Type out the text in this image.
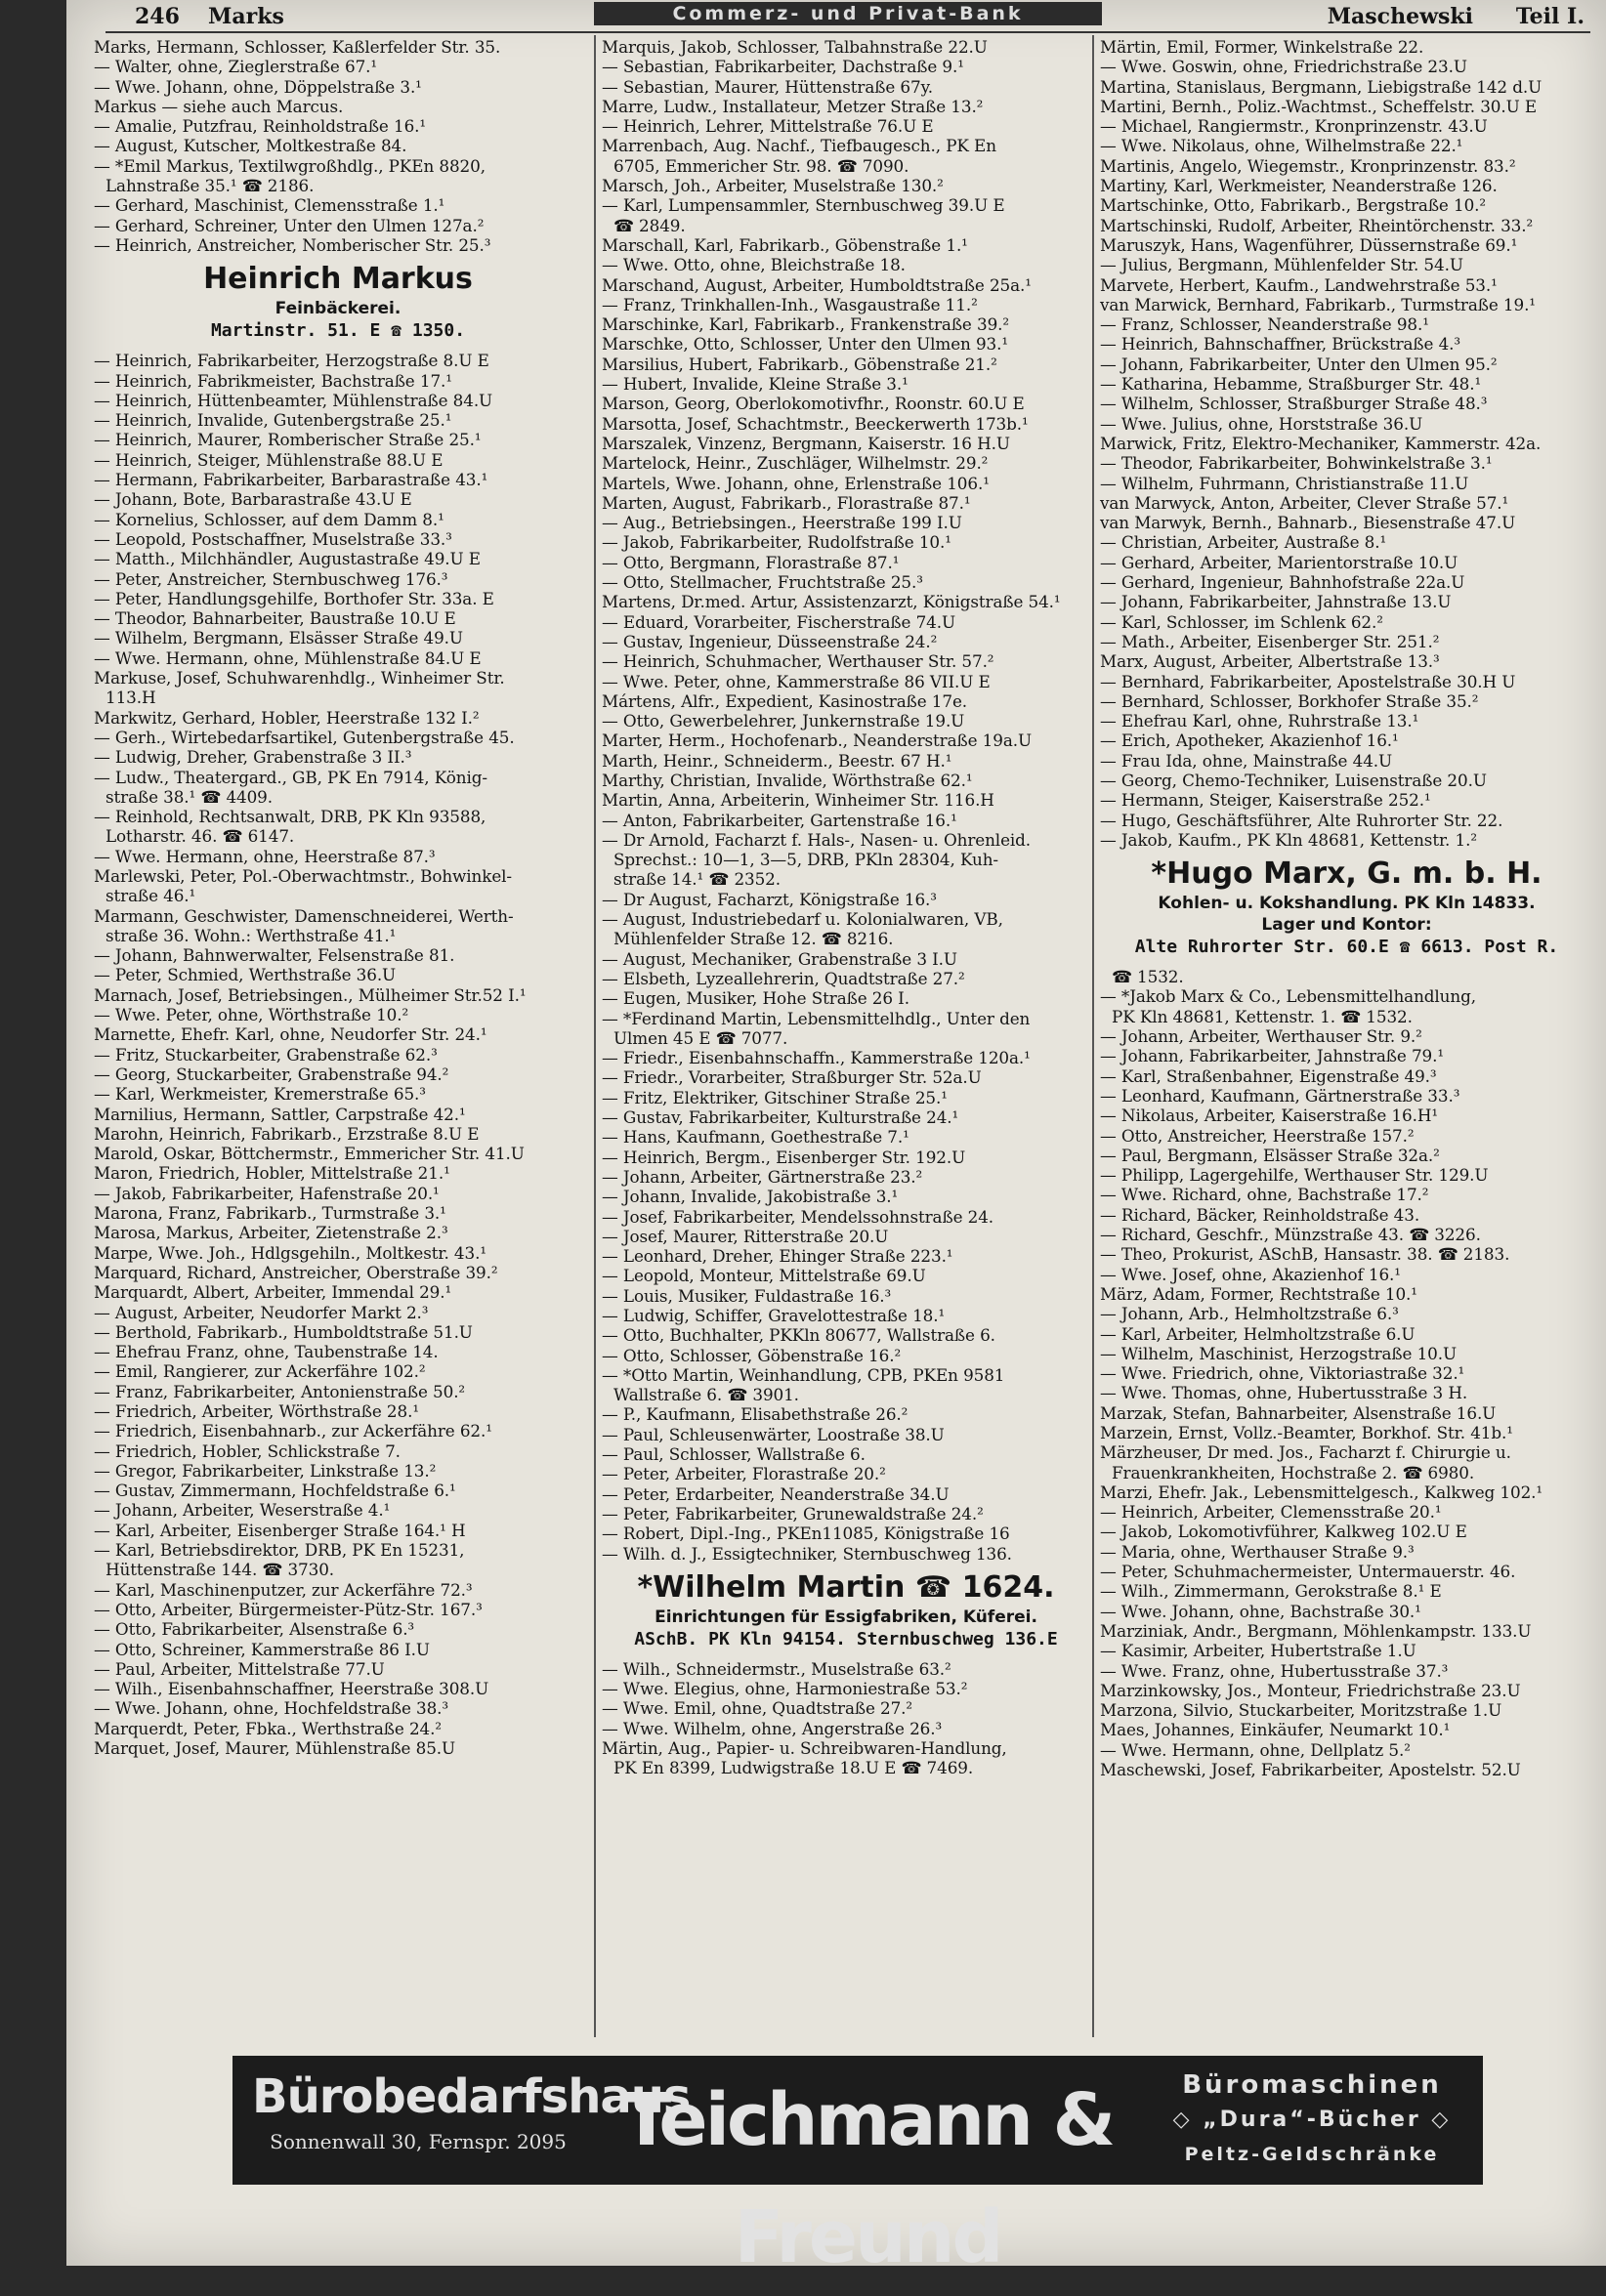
246 Marks	Commerz- und Privat-Bank	Maschewski Teil I.
Marks, Hermann, Schlosser, Kaßlerfelder Str. 35.
— Walter, ohne, Zieglerstraße 67.¹
— Wwe. Johann, ohne, Döppelstraße 3.¹
Markus — siehe auch Marcus.
— Amalie, Putzfrau, Reinholdstraße 16.¹
— August, Kutscher, Moltkestraße 84.
— *Emil Markus, Textilwgroßhdlg., PKEn 8820,
Lahnstraße 35.¹ ☎ 2186.
— Gerhard, Maschinist, Clemensstraße 1.¹
— Gerhard, Schreiner, Unter den Ulmen 127a.²
— Heinrich, Anstreicher, Nomberischer Str. 25.³
Heinrich Markus
Feinbäckerei.
Martinstr. 51. E ☎ 1350.
— Heinrich, Fabrikarbeiter, Herzogstraße 8.U E
— Heinrich, Fabrikmeister, Bachstraße 17.¹
— Heinrich, Hüttenbeamter, Mühlenstraße 84.U
— Heinrich, Invalide, Gutenbergstraße 25.¹
— Heinrich, Maurer, Romberischer Straße 25.¹
— Heinrich, Steiger, Mühlenstraße 88.U E
— Hermann, Fabrikarbeiter, Barbarastraße 43.¹
— Johann, Bote, Barbarastraße 43.U E
— Kornelius, Schlosser, auf dem Damm 8.¹
— Leopold, Postschaffner, Muselstraße 33.³
— Matth., Milchhändler, Augustastraße 49.U E
— Peter, Anstreicher, Sternbuschweg 176.³
— Peter, Handlungsgehilfe, Borthofer Str. 33a. E
— Theodor, Bahnarbeiter, Baustraße 10.U E
— Wilhelm, Bergmann, Elsässer Straße 49.U
— Wwe. Hermann, ohne, Mühlenstraße 84.U E
Markuse, Josef, Schuhwarenhdlg., Winheimer Str.
113.H
Markwitz, Gerhard, Hobler, Heerstraße 132 I.²
— Gerh., Wirtebedarfsartikel, Gutenbergstraße 45.
— Ludwig, Dreher, Grabenstraße 3 II.³
— Ludw., Theatergard., GB, PK En 7914, König-
straße 38.¹ ☎ 4409.
— Reinhold, Rechtsanwalt, DRB, PK Kln 93588,
Lotharstr. 46. ☎ 6147.
— Wwe. Hermann, ohne, Heerstraße 87.³
Marlewski, Peter, Pol.-Oberwachtmstr., Bohwinkel-
straße 46.¹
Marmann, Geschwister, Damenschneiderei, Werth-
straße 36. Wohn.: Werthstraße 41.¹
— Johann, Bahnwerwalter, Felsenstraße 81.
— Peter, Schmied, Werthstraße 36.U
Marnach, Josef, Betriebsingen., Mülheimer Str.52 I.¹
— Wwe. Peter, ohne, Wörthstraße 10.²
Marnette, Ehefr. Karl, ohne, Neudorfer Str. 24.¹
— Fritz, Stuckarbeiter, Grabenstraße 62.³
— Georg, Stuckarbeiter, Grabenstraße 94.²
— Karl, Werkmeister, Kremerstraße 65.³
Marnilius, Hermann, Sattler, Carpstraße 42.¹
Marohn, Heinrich, Fabrikarb., Erzstraße 8.U E
Marold, Oskar, Böttchermstr., Emmericher Str. 41.U
Maron, Friedrich, Hobler, Mittelstraße 21.¹
— Jakob, Fabrikarbeiter, Hafenstraße 20.¹
Marona, Franz, Fabrikarb., Turmstraße 3.¹
Marosa, Markus, Arbeiter, Zietenstraße 2.³
Marpe, Wwe. Joh., Hdlgsgehiln., Moltkestr. 43.¹
Marquard, Richard, Anstreicher, Oberstraße 39.²
Marquardt, Albert, Arbeiter, Immendal 29.¹
— August, Arbeiter, Neudorfer Markt 2.³
— Berthold, Fabrikarb., Humboldtstraße 51.U
— Ehefrau Franz, ohne, Taubenstraße 14.
— Emil, Rangierer, zur Ackerfähre 102.²
— Franz, Fabrikarbeiter, Antonienstraße 50.²
— Friedrich, Arbeiter, Wörthstraße 28.¹
— Friedrich, Eisenbahnarb., zur Ackerfähre 62.¹
— Friedrich, Hobler, Schlickstraße 7.
— Gregor, Fabrikarbeiter, Linkstraße 13.²
— Gustav, Zimmermann, Hochfeldstraße 6.¹
— Johann, Arbeiter, Weserstraße 4.¹
— Karl, Arbeiter, Eisenberger Straße 164.¹ H
— Karl, Betriebsdirektor, DRB, PK En 15231,
Hüttenstraße 144. ☎ 3730.
— Karl, Maschinenputzer, zur Ackerfähre 72.³
— Otto, Arbeiter, Bürgermeister-Pütz-Str. 167.³
— Otto, Fabrikarbeiter, Alsenstraße 6.³
— Otto, Schreiner, Kammerstraße 86 I.U
— Paul, Arbeiter, Mittelstraße 77.U
— Wilh., Eisenbahnschaffner, Heerstraße 308.U
— Wwe. Johann, ohne, Hochfeldstraße 38.³
Marquerdt, Peter, Fbka., Werthstraße 24.²
Marquet, Josef, Maurer, Mühlenstraße 85.U
Marquis, Jakob, Schlosser, Talbahnstraße 22.U
— Sebastian, Fabrikarbeiter, Dachstraße 9.¹
— Sebastian, Maurer, Hüttenstraße 67y.
Marre, Ludw., Installateur, Metzer Straße 13.²
— Heinrich, Lehrer, Mittelstraße 76.U E
Marrenbach, Aug. Nachf., Tiefbaugesch., PK En
6705, Emmericher Str. 98. ☎ 7090.
Marsch, Joh., Arbeiter, Muselstraße 130.²
— Karl, Lumpensammler, Sternbuschweg 39.U E
☎ 2849.
Marschall, Karl, Fabrikarb., Göbenstraße 1.¹
— Wwe. Otto, ohne, Bleichstraße 18.
Marschand, August, Arbeiter, Humboldtstraße 25a.¹
— Franz, Trinkhallen-Inh., Wasgaustraße 11.²
Marschinke, Karl, Fabrikarb., Frankenstraße 39.²
Marschke, Otto, Schlosser, Unter den Ulmen 93.¹
Marsilius, Hubert, Fabrikarb., Göbenstraße 21.²
— Hubert, Invalide, Kleine Straße 3.¹
Marson, Georg, Oberlokomotivfhr., Roonstr. 60.U E
Marsotta, Josef, Schachtmstr., Beeckerwerth 173b.¹
Marszalek, Vinzenz, Bergmann, Kaiserstr. 16 H.U
Martelock, Heinr., Zuschläger, Wilhelmstr. 29.²
Martels, Wwe. Johann, ohne, Erlenstraße 106.¹
Marten, August, Fabrikarb., Florastraße 87.¹
— Aug., Betriebsingen., Heerstraße 199 I.U
— Jakob, Fabrikarbeiter, Rudolfstraße 10.¹
— Otto, Bergmann, Florastraße 87.¹
— Otto, Stellmacher, Fruchtstraße 25.³
Martens, Dr.med. Artur, Assistenzarzt, Königstraße 54.¹
— Eduard, Vorarbeiter, Fischerstraße 74.U
— Gustav, Ingenieur, Düsseenstraße 24.²
— Heinrich, Schuhmacher, Werthauser Str. 57.²
— Wwe. Peter, ohne, Kammerstraße 86 VII.U E
Mártens, Alfr., Expedient, Kasinostraße 17e.
— Otto, Gewerbelehrer, Junkernstraße 19.U
Marter, Herm., Hochofenarb., Neanderstraße 19a.U
Marth, Heinr., Schneiderm., Beestr. 67 H.¹
Marthy, Christian, Invalide, Wörthstraße 62.¹
Martin, Anna, Arbeiterin, Winheimer Str. 116.H
— Anton, Fabrikarbeiter, Gartenstraße 16.¹
— Dr Arnold, Facharzt f. Hals-, Nasen- u. Ohrenleid.
Sprechst.: 10—1, 3—5, DRB, PKln 28304, Kuh-
straße 14.¹ ☎ 2352.
— Dr August, Facharzt, Königstraße 16.³
— August, Industriebedarf u. Kolonialwaren, VB,
Mühlenfelder Straße 12. ☎ 8216.
— August, Mechaniker, Grabenstraße 3 I.U
— Elsbeth, Lyzeallehrerin, Quadtstraße 27.²
— Eugen, Musiker, Hohe Straße 26 I.
— *Ferdinand Martin, Lebensmittelhdlg., Unter den
Ulmen 45 E ☎ 7077.
— Friedr., Eisenbahnschaffn., Kammerstraße 120a.¹
— Friedr., Vorarbeiter, Straßburger Str. 52a.U
— Fritz, Elektriker, Gitschiner Straße 25.¹
— Gustav, Fabrikarbeiter, Kulturstraße 24.¹
— Hans, Kaufmann, Goethestraße 7.¹
— Heinrich, Bergm., Eisenberger Str. 192.U
— Johann, Arbeiter, Gärtnerstraße 23.²
— Johann, Invalide, Jakobistraße 3.¹
— Josef, Fabrikarbeiter, Mendelssohnstraße 24.
— Josef, Maurer, Ritterstraße 20.U
— Leonhard, Dreher, Ehinger Straße 223.¹
— Leopold, Monteur, Mittelstraße 69.U
— Louis, Musiker, Fuldastraße 16.³
— Ludwig, Schiffer, Gravelottestraße 18.¹
— Otto, Buchhalter, PKKln 80677, Wallstraße 6.
— Otto, Schlosser, Göbenstraße 16.²
— *Otto Martin, Weinhandlung, CPB, PKEn 9581
Wallstraße 6. ☎ 3901.
— P., Kaufmann, Elisabethstraße 26.²
— Paul, Schleusenwärter, Loostraße 38.U
— Paul, Schlosser, Wallstraße 6.
— Peter, Arbeiter, Florastraße 20.²
— Peter, Erdarbeiter, Neanderstraße 34.U
— Peter, Fabrikarbeiter, Grunewaldstraße 24.²
— Robert, Dipl.-Ing., PKEn11085, Königstraße 16
— Wilh. d. J., Essigtechniker, Sternbuschweg 136.
*Wilhelm Martin ☎ 1624.
Einrichtungen für Essigfabriken, Küferei.
ASchB. PK Kln 94154. Sternbuschweg 136.E
— Wilh., Schneidermstr., Muselstraße 63.²
— Wwe. Elegius, ohne, Harmoniestraße 53.²
— Wwe. Emil, ohne, Quadtstraße 27.²
— Wwe. Wilhelm, ohne, Angerstraße 26.³
Märtin, Aug., Papier- u. Schreibwaren-Handlung,
PK En 8399, Ludwigstraße 18.U E ☎ 7469.
Märtin, Emil, Former, Winkelstraße 22.
— Wwe. Goswin, ohne, Friedrichstraße 23.U
Martina, Stanislaus, Bergmann, Liebigstraße 142 d.U
Martini, Bernh., Poliz.-Wachtmst., Scheffelstr. 30.U E
— Michael, Rangiermstr., Kronprinzenstr. 43.U
— Wwe. Nikolaus, ohne, Wilhelmstraße 22.¹
Martinis, Angelo, Wiegemstr., Kronprinzenstr. 83.²
Martiny, Karl, Werkmeister, Neanderstraße 126.
Martschinke, Otto, Fabrikarb., Bergstraße 10.²
Martschinski, Rudolf, Arbeiter, Rheintörchenstr. 33.²
Maruszyk, Hans, Wagenführer, Düssernstraße 69.¹
— Julius, Bergmann, Mühlenfelder Str. 54.U
Marvete, Herbert, Kaufm., Landwehrstraße 53.¹
van Marwick, Bernhard, Fabrikarb., Turmstraße 19.¹
— Franz, Schlosser, Neanderstraße 98.¹
— Heinrich, Bahnschaffner, Brückstraße 4.³
— Johann, Fabrikarbeiter, Unter den Ulmen 95.²
— Katharina, Hebamme, Straßburger Str. 48.¹
— Wilhelm, Schlosser, Straßburger Straße 48.³
— Wwe. Julius, ohne, Horststraße 36.U
Marwick, Fritz, Elektro-Mechaniker, Kammerstr. 42a.
— Theodor, Fabrikarbeiter, Bohwinkelstraße 3.¹
— Wilhelm, Fuhrmann, Christianstraße 11.U
van Marwyck, Anton, Arbeiter, Clever Straße 57.¹
van Marwyk, Bernh., Bahnarb., Biesenstraße 47.U
— Christian, Arbeiter, Austraße 8.¹
— Gerhard, Arbeiter, Marientorstraße 10.U
— Gerhard, Ingenieur, Bahnhofstraße 22a.U
— Johann, Fabrikarbeiter, Jahnstraße 13.U
— Karl, Schlosser, im Schlenk 62.²
— Math., Arbeiter, Eisenberger Str. 251.²
Marx, August, Arbeiter, Albertstraße 13.³
— Bernhard, Fabrikarbeiter, Apostelstraße 30.H U
— Bernhard, Schlosser, Borkhofer Straße 35.²
— Ehefrau Karl, ohne, Ruhrstraße 13.¹
— Erich, Apotheker, Akazienhof 16.¹
— Frau Ida, ohne, Mainstraße 44.U
— Georg, Chemo-Techniker, Luisenstraße 20.U
— Hermann, Steiger, Kaiserstraße 252.¹
— Hugo, Geschäftsführer, Alte Ruhrorter Str. 22.
— Jakob, Kaufm., PK Kln 48681, Kettenstr. 1.²
*Hugo Marx, G. m. b. H.
Kohlen- u. Kokshandlung. PK Kln 14833.
Lager und Kontor:
Alte Ruhrorter Str. 60.E ☎ 6613. Post R.
☎ 1532.
— *Jakob Marx & Co., Lebensmittelhandlung,
PK Kln 48681, Kettenstr. 1. ☎ 1532.
— Johann, Arbeiter, Werthauser Str. 9.²
— Johann, Fabrikarbeiter, Jahnstraße 79.¹
— Karl, Straßenbahner, Eigenstraße 49.³
— Leonhard, Kaufmann, Gärtnerstraße 33.³
— Nikolaus, Arbeiter, Kaiserstraße 16.H¹
— Otto, Anstreicher, Heerstraße 157.²
— Paul, Bergmann, Elsässer Straße 32a.²
— Philipp, Lagergehilfe, Werthauser Str. 129.U
— Wwe. Richard, ohne, Bachstraße 17.²
— Richard, Bäcker, Reinholdstraße 43.
— Richard, Geschfr., Münzstraße 43. ☎ 3226.
— Theo, Prokurist, ASchB, Hansastr. 38. ☎ 2183.
— Wwe. Josef, ohne, Akazienhof 16.¹
März, Adam, Former, Rechtstraße 10.¹
— Johann, Arb., Helmholtzstraße 6.³
— Karl, Arbeiter, Helmholtzstraße 6.U
— Wilhelm, Maschinist, Herzogstraße 10.U
— Wwe. Friedrich, ohne, Viktoriastraße 32.¹
— Wwe. Thomas, ohne, Hubertusstraße 3 H.
Marzak, Stefan, Bahnarbeiter, Alsenstraße 16.U
Marzein, Ernst, Vollz.-Beamter, Borkhof. Str. 41b.¹
Märzheuser, Dr med. Jos., Facharzt f. Chirurgie u.
Frauenkrankheiten, Hochstraße 2. ☎ 6980.
Marzi, Ehefr. Jak., Lebensmittelgesch., Kalkweg 102.¹
— Heinrich, Arbeiter, Clemensstraße 20.¹
— Jakob, Lokomotivführer, Kalkweg 102.U E
— Maria, ohne, Werthauser Straße 9.³
— Peter, Schuhmachermeister, Untermauerstr. 46.
— Wilh., Zimmermann, Gerokstraße 8.¹ E
— Wwe. Johann, ohne, Bachstraße 30.¹
Marziniak, Andr., Bergmann, Möhlenkampstr. 133.U
— Kasimir, Arbeiter, Hubertstraße 1.U
— Wwe. Franz, ohne, Hubertusstraße 37.³
Marzinkowsky, Jos., Monteur, Friedrichstraße 23.U
Marzona, Silvio, Stuckarbeiter, Moritzstraße 1.U
Maes, Johannes, Einkäufer, Neumarkt 10.¹
— Wwe. Hermann, ohne, Dellplatz 5.²
Maschewski, Josef, Fabrikarbeiter, Apostelstr. 52.U
Bürobedarfshaus
Sonnenwall 30, Fernspr. 2095 Teichmann & Freund
Büromaschinen
◇ „Dura“-Bücher ◇
Peltz-Geldschränke
